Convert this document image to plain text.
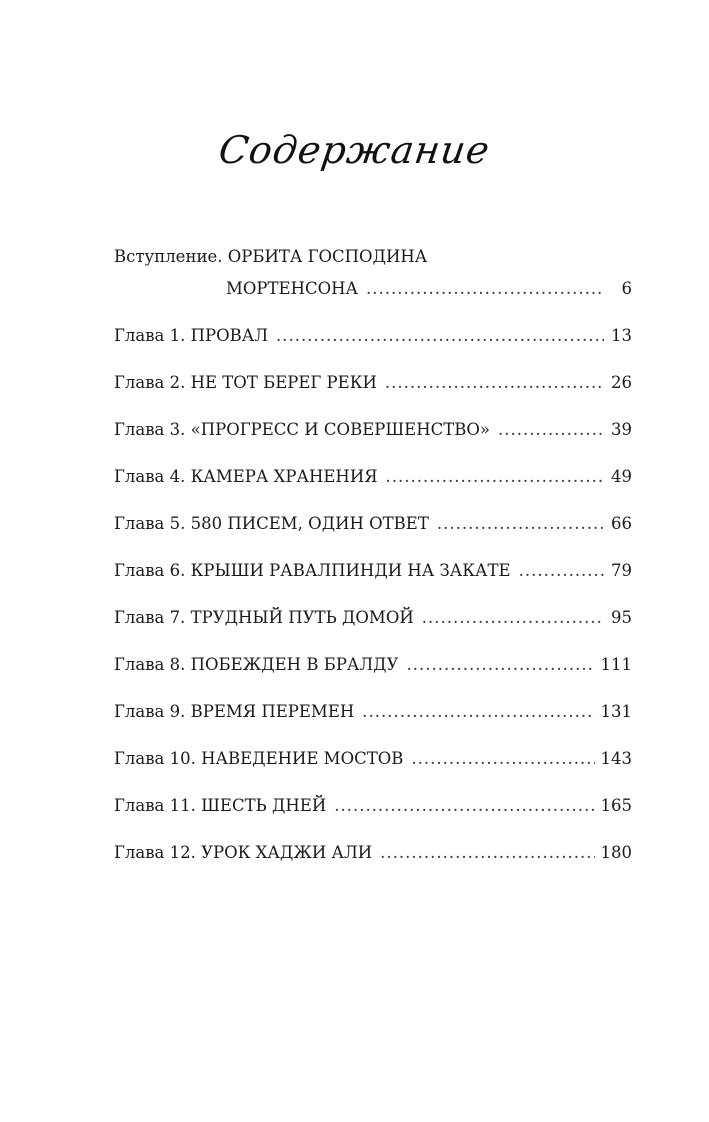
Содержание
Вступление. ОРБИТА ГОСПОДИНА
МОРТЕНСОНА .....	6
Глава 1. ПРОВАЛ .....	13
Глава 2. НЕ ТОТ БЕРЕГ РЕКИ .....	26
Глава 3. «ПРОГРЕСС И СОВЕРШЕНСТВО» .....	39
Глава 4. КАМЕРА ХРАНЕНИЯ .....	49
Глава 5. 580 ПИСЕМ, ОДИН ОТВЕТ .....	66
Глава 6. КРЫШИ РАВАЛПИНДИ НА ЗАКАТЕ .....	79
Глава 7. ТРУДНЫЙ ПУТЬ ДОМОЙ .....	95
Глава 8. ПОБЕЖДЕН В БРАЛДУ .....	111
Глава 9. ВРЕМЯ ПЕРЕМЕН .....	131
Глава 10. НАВЕДЕНИЕ МОСТОВ .....	143
Глава 11. ШЕСТЬ ДНЕЙ .....	165
Глава 12. УРОК ХАДЖИ АЛИ .....	180
